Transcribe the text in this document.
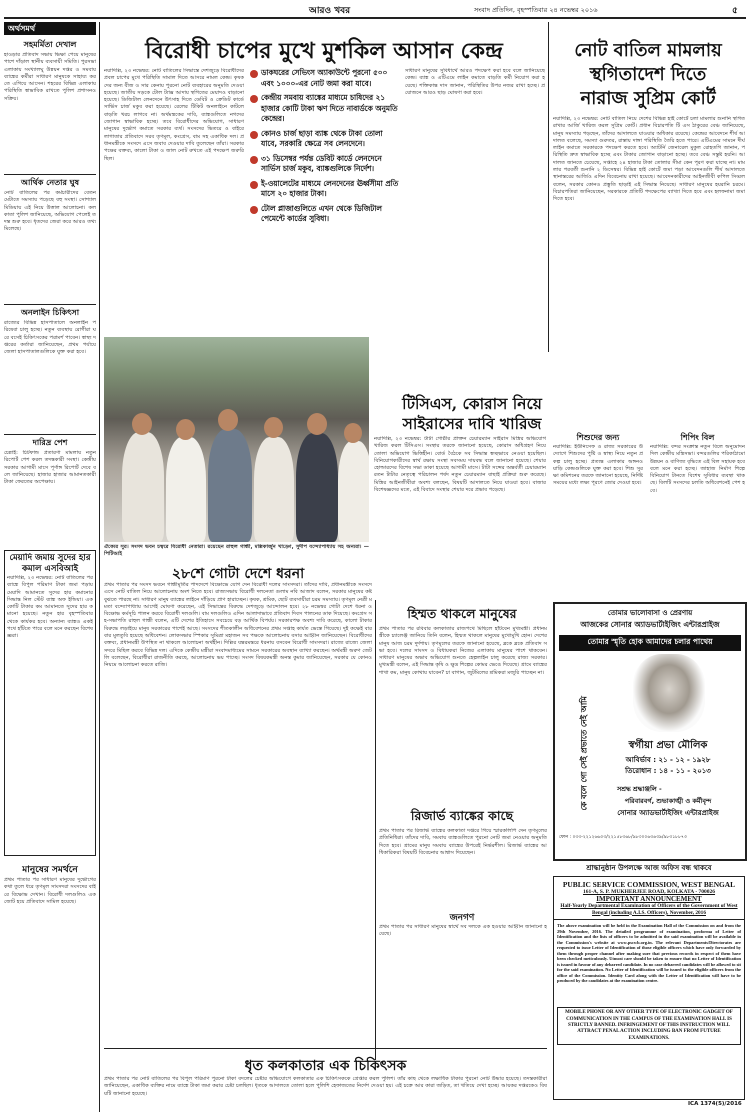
আরও খবর	সংবাদ প্রতিদিন, বৃহস্পতিবার ২৪ নভেম্বর ২০১৬	৫
অর্থসমর্থ
সহমর্মিতা দেখাল
হাওড়ার প্রতিবাদ সভায় ভিক্ষা পেয়ে মানুষের পাশে দাঁড়াল স্থানীয় ব্যবসায়ী সমিতি। পুরসভা এলাকায় সংখ্যালঘু উন্নয়ন দপ্তর ও সমবায় ব্যাঙ্কের কর্মীরা সাধারণ মানুষকে সাহায্য করতে এগিয়ে আসেন। শহরের বিভিন্ন এলাকায় পরিস্থিতি স্বাভাবিক রাখতে পুলিশ প্রশাসনও সক্রিয়।
আর্থিক নেতার ঘুষ
নোট বাতিলের পর কর্মচারীদের বেতন মেটাতে সমস্যায় পড়েছে বহু সংস্থা। সোশ্যাল মিডিয়ায় এই নিয়ে উত্তাল আলোচনা। কলকাতা পুলিশ জানিয়েছে, অভিযোগ পেলেই তদন্ত শুরু হবে। ধৃতদের জেরা করে আরও তথ্য মিলেছে।
অনলাইন চিকিৎসা
রাজ্যের বিভিন্ন হাসপাতালে অনলাইন পরিষেবা চালু হচ্ছে। নতুন ব্যবস্থায় রোগীরা ঘরে বসেই চিকিৎসকের পরামর্শ পাবেন। স্বাস্থ্য দপ্তরের কর্তারা জানিয়েছেন, প্রথম পর্যায়ে জেলা হাসপাতালগুলিকে যুক্ত করা হবে।
দারিদ্র পেশ
চেন্নাই: চিটফান্ড প্রতারণা মামলায় নতুন রিপোর্ট পেশ করল তদন্তকারী সংস্থা। কেন্দ্রীয় সরকার আগামী মাসে পূর্ণাঙ্গ রিপোর্ট দেবে বলে জানিয়েছে। হাজার হাজার আমানতকারী টাকা ফেরতের অপেক্ষায়।
মেয়াদি জমায় সুদের হার কমাল এসবিআই
নয়াদিল্লি, ২৩ নভেম্বর: নোট বাতিলের পর ব্যাঙ্কে বিপুল পরিমাণ টাকা জমা পড়ায় মেয়াদি আমানতে সুদের হার কমানোর সিদ্ধান্ত নিল স্টেট ব্যাঙ্ক অফ ইন্ডিয়া। এক কোটি টাকার কম আমানতে সুদের হার কমানো হয়েছে। নতুন হার বৃহস্পতিবার থেকে কার্যকর হবে। অন্যান্য ব্যাঙ্কও একই পথে হাঁটতে পারে বলে মনে করছেন বিশেষজ্ঞরা।
মানুষের সমর্থনে
প্রথম পাতার পর সাধারণ মানুষের দুর্ভোগের কথা তুলে ধরে তৃণমূল সাংসদরা সংসদের বাইরে বিক্ষোভ দেখান। বিরোধী দলগুলিও একজোট হয়ে প্রতিবাদে সামিল হয়েছে।
বিরোধী চাপের মুখে মুশকিল আসান কেন্দ্র
নয়াদিল্লি, ২৩ নভেম্বর: নোট বাতিলের সিদ্ধান্তে দেশজুড়ে বিরোধীদের প্রবল চাপের মুখে পরিস্থিতি সামাল দিতে আসরে নামল কেন্দ্র। কৃষকদের জন্য বীজ ও সার কেনায় পুরনো নোট ব্যবহারের অনুমতি দেওয়া হয়েছে। জাতীয় সড়কে টোল ট্যাক্স আদায় স্থগিতের মেয়াদও বাড়ানো হয়েছে। ডিজিটাল লেনদেনে উৎসাহ দিতে ডেবিট ও ক্রেডিট কার্ডে সার্ভিস চার্জ মকুব করা হয়েছে। রেলের টিকিট অনলাইনে কাটলে বাড়তি খরচ লাগবে না। অর্থমন্ত্রকের দাবি, ব্যাঙ্কগুলিতে নগদের জোগান স্বাভাবিক হচ্ছে। তবে বিরোধীদের অভিযোগ, সাধারণ মানুষের দুর্ভোগ কমাতে সরকার ব্যর্থ। সংসদের ভিতরে ও বাইরে লাগাতার প্রতিবাদে সরব তৃণমূল, কংগ্রেস, বাম সহ একাধিক দল। প্রধানমন্ত্রীকে সংসদে এসে জবাব দেওয়ার দাবি তুলেছেন তাঁরা। সরকার পক্ষের বক্তব্য, কালো টাকা ও জাল নোট রুখতে এই পদক্ষেপ জরুরি ছিল।
ডাকঘরের সেভিংস অ্যাকাউন্টে পুরনো ৫০০ এবং ১০০০-এর নোট জমা করা যাবে।
কেন্দ্রীয় সমবায় ব্যাঙ্কের মাধ্যমে চাষিদের ২১ হাজার কোটি টাকা ঋণ দিতে নাবার্ডকে অনুমতি কেন্দ্রের।
কোনও চার্জ ছাড়া ব্যাঙ্ক থেকে টাকা তোলা যাবে, সরকারি ক্ষেত্রে সব লেনদেনে।
৩১ ডিসেম্বর পর্যন্ত ডেবিট কার্ডে লেনদেনে সার্ভিস চার্জ মকুব, ব্যাঙ্কগুলিকে নির্দেশ।
ই-ওয়ালেটের মাধ্যমে লেনদেনের ঊর্ধ্বসীমা প্রতি মাসে ২০ হাজার টাকা।
টোল প্লাজাগুলিতে এখন থেকে ডিজিটাল পেমেন্টে কার্ডের সুবিধা।
সাধারণ মানুষের সুবিধার্থে আরও পদক্ষেপ করা হবে বলে জানিয়েছে কেন্দ্র। ব্যাঙ্ক ও এটিএমে লাইন কমাতে বাড়তি কর্মী নিয়োগ করা হয়েছে। শক্তিকান্ত দাস জানান, পরিস্থিতির উপর নজর রাখা হচ্ছে। প্রয়োজনে আরও ছাড় ঘোষণা করা হবে।
নোট বাতিল মামলায়
স্থগিতাদেশ দিতে
নারাজ সুপ্রিম কোর্ট
নয়াদিল্লি, ২৩ নভেম্বর: নোট বাতিল নিয়ে দেশের বিভিন্ন হাই কোর্টে চলা মামলার শুনানি স্থগিত রাখার আর্জি খারিজ করল সুপ্রিম কোর্ট। প্রধান বিচারপতি টি এস ঠাকুরের বেঞ্চ জানিয়েছে, মানুষ সমস্যায় পড়ছেন, তাঁদের আদালতে যাওয়ার অধিকার রয়েছে। কেন্দ্রের আবেদনে শীর্ষ আদালত বলেছে, সমস্যা গুরুতর, রাস্তায় দাঙ্গা পরিস্থিতি তৈরি হতে পারে। এটিএমের সামনে দীর্ঘ লাইন কমাতে সরকারকে পদক্ষেপ করতে হবে। অ্যাটর্নি জেনারেল মুকুল রোহতগি জানান, পরিস্থিতি দ্রুত স্বাভাবিক হচ্ছে এবং টাকার জোগান বাড়ানো হচ্ছে। তবে বেঞ্চ সন্তুষ্ট হয়নি। আদালত জানতে চেয়েছে, সপ্তাহে ২৪ হাজার টাকা তোলার সীমা কেন পূরণ করা যাচ্ছে না। মামলার পরবর্তী শুনানি ২ ডিসেম্বর। বিভিন্ন হাই কোর্টে জমা পড়া আবেদনগুলি শীর্ষ আদালতে স্থানান্তরের আর্জিও এদিন বিবেচনায় রাখা হয়েছে। আবেদনকারীদের আইনজীবী কপিল সিব্বল বলেন, সরকার কোনও প্রস্তুতি ছাড়াই এই সিদ্ধান্ত নিয়েছে। সাধারণ মানুষের হয়রানি চরমে। বিচারপতিরা জানিয়েছেন, সরকারকে প্রতিটি পদক্ষেপের ব্যাখ্যা দিতে হবে এবং হলফনামা জমা দিতে হবে।
ঐক্যের সুর। সংসদ ভবন চত্বরে বিরোধী নেতারা। রয়েছেন রাহুল গান্ধী, মল্লিকার্জুন খাড়্গে, সুদীপ বন্দ্যোপাধ্যায় সহ অন্যরা। —পিটিআই
টিসিএস, কোরাস নিয়ে
সাইরাসের দাবি খারিজ
নয়াদিল্লি, ২৩ নভেম্বর: টাটা গোষ্ঠীর প্রাক্তন চেয়ারম্যান সাইরাস মিস্ত্রির অভিযোগ খারিজ করল টিসিএস। সংস্থার তরফে জানানো হয়েছে, কোরাস অধিগ্রহণ নিয়ে তোলা অভিযোগ ভিত্তিহীন। বোর্ড বৈঠকে সব সিদ্ধান্ত স্বচ্ছভাবে নেওয়া হয়েছিল। বিনিয়োগকারীদের স্বার্থ রক্ষায় সংস্থা সবসময় দায়বদ্ধ বলে জানানো হয়েছে। শেয়ারহোল্ডারদের বিশেষ সভা ডাকা হয়েছে আগামী মাসে। টাটা সন্সের অন্তর্বর্তী চেয়ারম্যান রতন টাটার নেতৃত্বে পরিচালন পর্ষদ নতুন চেয়ারম্যান বাছাই প্রক্রিয়া শুরু করেছে। মিস্ত্রির আইনজীবীরা অবশ্য বলছেন, বিষয়টি আদালতে নিয়ে যাওয়া হবে। বাজার বিশেষজ্ঞদের মতে, এই বিবাদে সংস্থার শেয়ার দরে প্রভাব পড়েছে।
শিশুদের জন্য
নয়াদিল্লি: ইউনিসেফ ও রাজ্য সরকারের উদ্যোগে শিশুদের পুষ্টি ও স্বাস্থ্য নিয়ে নতুন প্রকল্প চালু হচ্ছে। প্রত্যন্ত এলাকার অঙ্গনওয়াড়ি কেন্দ্রগুলিকে যুক্ত করা হবে। শিশু সুরক্ষা কমিশনের তরফে জানানো হয়েছে, নির্দিষ্ট সময়ের মধ্যে লক্ষ্য পূরণে জোর দেওয়া হবে।
শিপিং বিল
নয়াদিল্লি: বন্দর সংক্রান্ত নতুন বিলে অনুমোদন দিল কেন্দ্রীয় মন্ত্রিসভা। বন্দরগুলির পরিকাঠামো উন্নয়ন ও বাণিজ্য বৃদ্ধিতে এই বিল সহায়ক হবে বলে মনে করা হচ্ছে। জাহাজ নির্মাণ শিল্পে বিনিয়োগ টানতে বিশেষ সুবিধার ব্যবস্থা থাকছে। বিলটি সংসদের চলতি অধিবেশনেই পেশ হবে।
২৮শে গোটা দেশে ধরনা
প্রথম পাতার পর সংসদ ভবনে গান্ধীমূর্তির পাদদেশে বিক্ষোভে যোগ দেন বিরোধী দলের সাংসদরা। তাঁদের দাবি, প্রধানমন্ত্রীকে সংসদে এসে নোট বাতিল নিয়ে আলোচনায় অংশ নিতে হবে। রাজ্যসভায় বিরোধী দলনেতা গুলাম নবি আজাদ বলেন, সরকার মানুষের কষ্ট বুঝতে পারছে না। সাধারণ মানুষ ব্যাঙ্কের লাইনে দাঁড়িয়ে প্রাণ হারাচ্ছেন। কৃষক, শ্রমিক, ছোট ব্যবসায়ীরা চরম সমস্যায়। তৃণমূল নেত্রী মমতা বন্দ্যোপাধ্যায় আগেই ঘোষণা করেছেন, এই সিদ্ধান্তের বিরুদ্ধে দেশজুড়ে আন্দোলন হবে। ২৮ নভেম্বর গোটা দেশে ধরনা ও বিক্ষোভ কর্মসূচি পালন করবে বিরোধী দলগুলি। বাম দলগুলিও এদিন আলাদাভাবে প্রতিবাদ দিবস পালনের ডাক দিয়েছে। কংগ্রেস সহ-সভাপতি রাহুল গান্ধী বলেন, এটি দেশের ইতিহাসে সবচেয়ে বড় আর্থিক বিপর্যয়। সরকারপক্ষ অবশ্য দাবি করেছে, কালো টাকার বিরুদ্ধে লড়াইয়ে মানুষ সরকারের পাশেই আছে। সংসদের শীতকালীন অধিবেশনের প্রথম সপ্তাহ কার্যত ভেস্তে গিয়েছে। দুই কক্ষেই বারবার মুলতুবি হয়েছে অধিবেশন। লোকসভার স্পিকার সুমিত্রা মহাজন সব পক্ষকে আলোচনায় বসার আহ্বান জানিয়েছেন। বিরোধীদের বক্তব্য, প্রধানমন্ত্রী উপস্থিত না থাকলে আলোচনা অর্থহীন। দিল্লির যন্তরমন্তরে ধরনায় বসবেন বিরোধী সাংসদরা। রাজ্যে রাজ্যে জেলা সদরে মিছিল করবে বিভিন্ন দল। এদিকে কেন্দ্রীয় মন্ত্রীরা সংবাদমাধ্যমের সামনে সরকারের অবস্থান ব্যাখ্যা করছেন। অর্থমন্ত্রী অরুণ জেটলি বলেছেন, বিরোধীরা রাজনীতি করছে, আলোচনায় ভয় পাচ্ছে। সংসদ বিষয়কমন্ত্রী অনন্ত কুমার জানিয়েছেন, সরকার যে কোনও নিয়মে আলোচনা করতে রাজি।
হিম্মত থাকলে মানুষের
প্রথম পাতার পর রবিবার কলকাতার রাজপথে মিছিলে হাঁটবেন মুখ্যমন্ত্রী। প্রধানমন্ত্রীকে চ্যালেঞ্জ জানিয়ে তিনি বলেন, হিম্মত থাকলে মানুষের মুখোমুখি হোন। দেশের মানুষ আজ চরম দুর্দশায়। তৃণমূলের তরফে জানানো হয়েছে, ব্লকে ব্লকে প্রতিবাদ সভা হবে। দলের সাংসদ ও বিধায়করা নিজের এলাকায় মানুষের পাশে থাকবেন। সাধারণ মানুষের অভাব অভিযোগ শুনতে হেল্পলাইন চালু করেছে রাজ্য সরকার। মুখ্যমন্ত্রী বলেন, এই সিদ্ধান্ত কৃষি ও ক্ষুদ্র শিল্পের কোমর ভেঙে দিয়েছে। গ্রামে ব্যাঙ্কের শাখা কম, মানুষ কোথায় যাবেন? চা বাগান, জুটমিলের শ্রমিকরা মজুরি পাচ্ছেন না।
রিজার্ভ ব্যাঙ্কের কাছে
প্রথম পাতার পর রিজার্ভ ব্যাঙ্কের কলকাতা দপ্তরে গিয়ে স্মারকলিপি দেন তৃণমূলের প্রতিনিধিরা। তাঁদের দাবি, সমবায় ব্যাঙ্কগুলিতে পুরনো নোট জমা নেওয়ার অনুমতি দিতে হবে। গ্রামের মানুষ সমবায় ব্যাঙ্কের উপরেই নির্ভরশীল। রিজার্ভ ব্যাঙ্কের আধিকারিকরা বিষয়টি বিবেচনার আশ্বাস দিয়েছেন।
জনগণ
প্রথম পাতার পর সাধারণ মানুষের স্বার্থে সব দলকে এক হওয়ার আহ্বান জানানো হয়েছে।
ধৃত কলকাতার এক চিকিৎসক
প্রথম পাতার পর নোট বাতিলের পর বিপুল পরিমাণ পুরনো টাকা বদলের চেষ্টার অভিযোগে কলকাতার এক চিকিৎসককে গ্রেপ্তার করল পুলিশ। তাঁর কাছ থেকে লক্ষাধিক টাকার পুরনো নোট উদ্ধার হয়েছে। তদন্তকারীরা জানিয়েছেন, একাধিক ব্যক্তির নামে ব্যাঙ্কে টাকা জমা করার চেষ্টা চলছিল। ধৃতকে আদালতে তোলা হলে পুলিশি হেফাজতের নির্দেশ দেওয়া হয়। এই চক্রে আর কারা জড়িত, তা খতিয়ে দেখা হচ্ছে। আয়কর দপ্তরকেও বিষয়টি জানানো হয়েছে।
তোমার ভালোবাসা ও প্রেরণায়
আজকের সোনার অ্যাডভার্টাইজিং এন্টারপ্রাইজ
তোমার স্মৃতি হোক আমাদের চলার পাথেয়
কে বলে গো সেই প্রভাতে নেই আমি	স্বর্গীয়া প্রভা মৌলিক
আবির্ভাব : ২১ - ১২ - ১৯২৮
তিরোধান : ১৪ - ১১ - ২০১৩
সশ্রদ্ধ শ্রদ্ধাঞ্জলি -
পরিবারবর্গ, শুভাকাঙ্খী ও কর্মীবৃন্দ
সোনার অ্যাডভার্টাইজিং এন্টারপ্রাইজ
ফোন : ০৩৩-২২১২৬৬০৩/২২১৫৮৩৬৮/৯৮৩০০৬৩৬৩৯/৯৮৩১৮৮৭৩
শ্রাদ্ধানুষ্ঠান উপলক্ষে আজ অফিস বন্ধ থাকবে
PUBLIC SERVICE COMMISSION, WEST BENGAL
161-A, S. P. MUKHERJEE ROAD, KOLKATA - 700026
IMPORTANT ANNOUNCEMENT
Half-Yearly Departmental Examination of Officers of the Government of West Bengal (including A.I.S. Officers), November, 2016
The above examination will be held in the Examination Hall of the Commission on and from the 29th November, 2016. The detailed programme of examination, proforma of Letter of Identification and the lists of officers to be admitted in the said examination will be available in the Commission's website at www.pscwb.org.in. The relevant Departments/Directorates are requested to issue Letter of Identification of those eligible officers which have only forwarded by them through proper channel after making sure that previous records in respect of them have been checked meticulously. Utmost care should be taken to ensure that no Letter of Identification is issued in favour of any debarred candidate. In no case debarred candidates will be allowed to sit for the said examination. No Letter of Identification will be issued to the eligible officers from the office of the Commission. Identity Card along with the Letter of Identification will have to be produced by the candidates at the examination centre.
MOBILE PHONE OR ANY OTHER TYPE OF ELECTRONIC GADGET OF COMMUNICATION IN THE CAMPUS OF THE EXAMINATION HALL IS STRICTLY BANNED. INFRINGEMENT OF THIS INSTRUCTION WILL ATTRACT PENAL ACTION INCLUDING BAN FROM FUTURE EXAMINATIONS.
ICA 1374(5)/2016
